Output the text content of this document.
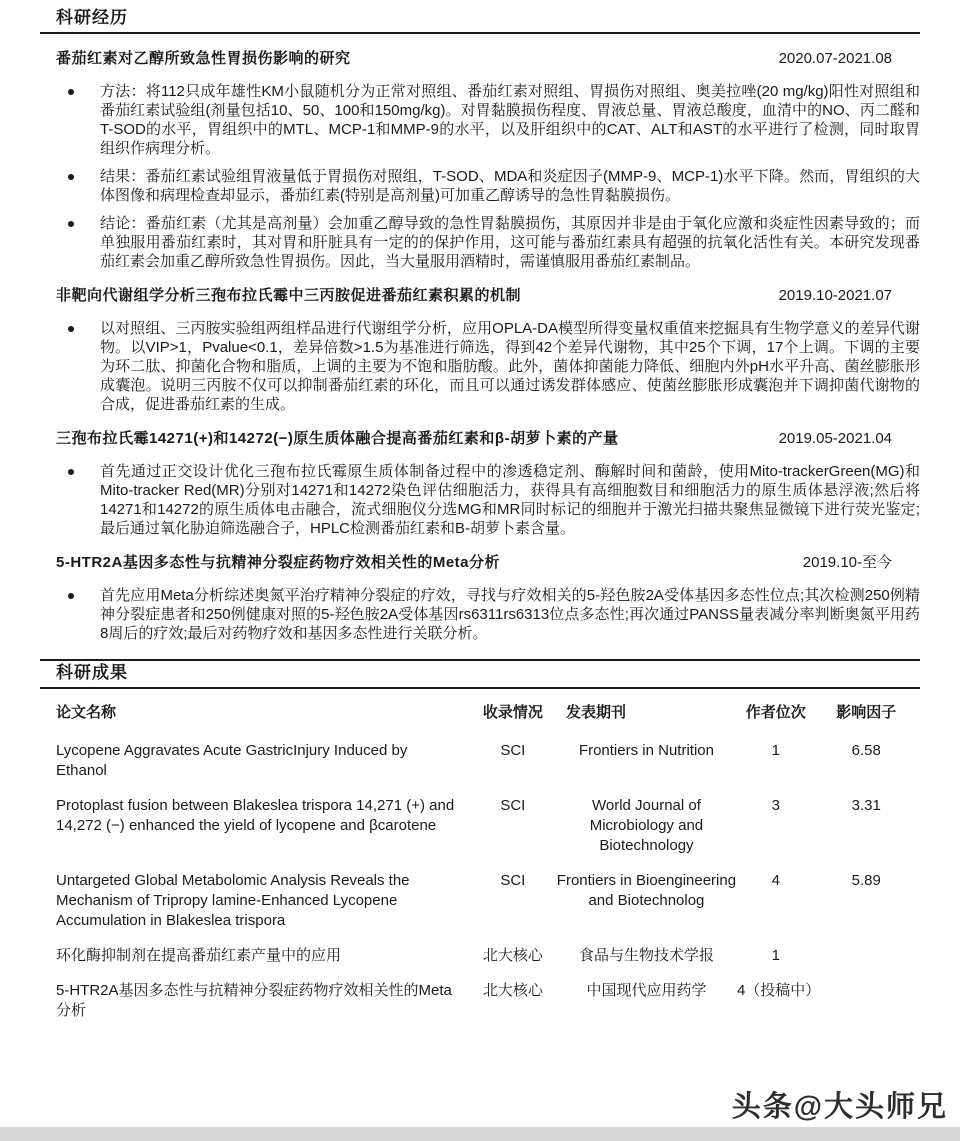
科研经历
番茄红素对乙醇所致急性胃损伤影响的研究	2020.07-2021.08
方法：将112只成年雄性KM小鼠随机分为正常对照组、番茄红素对照组、胃损伤对照组、奥美拉唑(20 mg/kg)阳性对照组和番茄红素试验组(剂量包括10、50、100和150mg/kg)。对胃黏膜损伤程度、胃液总量、胃液总酸度，血清中的NO、丙二醛和T-SOD的水平，胃组织中的MTL、MCP-1和MMP-9的水平，以及肝组织中的CAT、ALT和AST的水平进行了检测，同时取胃组织作病理分析。
结果：番茄红素试验组胃液量低于胃损伤对照组，T-SOD、MDA和炎症因子(MMP-9、MCP-1)水平下降。然而，胃组织的大体图像和病理检查却显示，番茄红素(特别是高剂量)可加重乙醇诱导的急性胃黏膜损伤。
结论：番茄红素（尤其是高剂量）会加重乙醇导致的急性胃黏膜损伤，其原因并非是由于氧化应激和炎症性因素导致的；而单独服用番茄红素时，其对胃和肝脏具有一定的的保护作用，这可能与番茄红素具有超强的抗氧化活性有关。本研究发现番茄红素会加重乙醇所致急性胃损伤。因此，当大量服用酒精时，需谨慎服用番茄红素制品。
非靶向代谢组学分析三孢布拉氏霉中三丙胺促进番茄红素积累的机制	2019.10-2021.07
以对照组、三丙胺实验组两组样品进行代谢组学分析，应用OPLA-DA模型所得变量权重值来挖掘具有生物学意义的差异代谢物。以VIP>1，Pvalue<0.1，差异倍数>1.5为基准进行筛选，得到42个差异代谢物，其中25个下调，17个上调。下调的主要为环二肽、抑菌化合物和脂质，上调的主要为不饱和脂肪酸。此外，菌体抑菌能力降低、细胞内外pH水平升高、菌丝膨胀形成囊泡。说明三丙胺不仅可以抑制番茄红素的环化，而且可以通过诱发群体感应、使菌丝膨胀形成囊泡并下调抑菌代谢物的合成，促进番茄红素的生成。
三孢布拉氏霉14271(+)和14272(−)原生质体融合提高番茄红素和β-胡萝卜素的产量	2019.05-2021.04
首先通过正交设计优化三孢布拉氏霉原生质体制备过程中的渗透稳定剂、酶解时间和菌龄，使用Mito-trackerGreen(MG)和Mito-tracker Red(MR)分别对14271和14272染色评估细胞活力，获得具有高细胞数目和细胞活力的原生质体悬浮液;然后将14271和14272的原生质体电击融合，流式细胞仪分选MG和MR同时标记的细胞并于激光扫描共聚焦显微镜下进行荧光鉴定;最后通过氧化胁迫筛选融合子，HPLC检测番茄红素和B-胡萝卜素含量。
5-HTR2A基因多态性与抗精神分裂症药物疗效相关性的Meta分析	2019.10-至今
首先应用Meta分析综述奥氮平治疗精神分裂症的疗效，寻找与疗效相关的5-羟色胺2A受体基因多态性位点;其次检测250例精神分裂症患者和250例健康对照的5-羟色胺2A受体基因rs6311rs6313位点多态性;再次通过PANSS量表减分率判断奥氮平用药8周后的疗效;最后对药物疗效和基因多态性进行关联分析。
科研成果
论文名称	收录情况	发表期刊	作者位次	影响因子
Lycopene Aggravates Acute GastricInjury Induced by Ethanol	SCI	Frontiers in Nutrition	1	6.58
Protoplast fusion between Blakeslea trispora 14,271 (+) and 14,272 (−) enhanced the yield of lycopene and βcarotene	SCI	World Journal of Microbiology and Biotechnology	3	3.31
Untargeted Global Metabolomic Analysis Reveals the Mechanism of Tripropy lamine-Enhanced Lycopene Accumulation in Blakeslea trispora	SCI	Frontiers in Bioengineering and Biotechnolog	4	5.89
环化酶抑制剂在提高番茄红素产量中的应用	北大核心	食品与生物技术学报	1	
5-HTR2A基因多态性与抗精神分裂症药物疗效相关性的Meta分析	北大核心	中国现代应用药学	4（投稿中）	
头条@大头师兄
